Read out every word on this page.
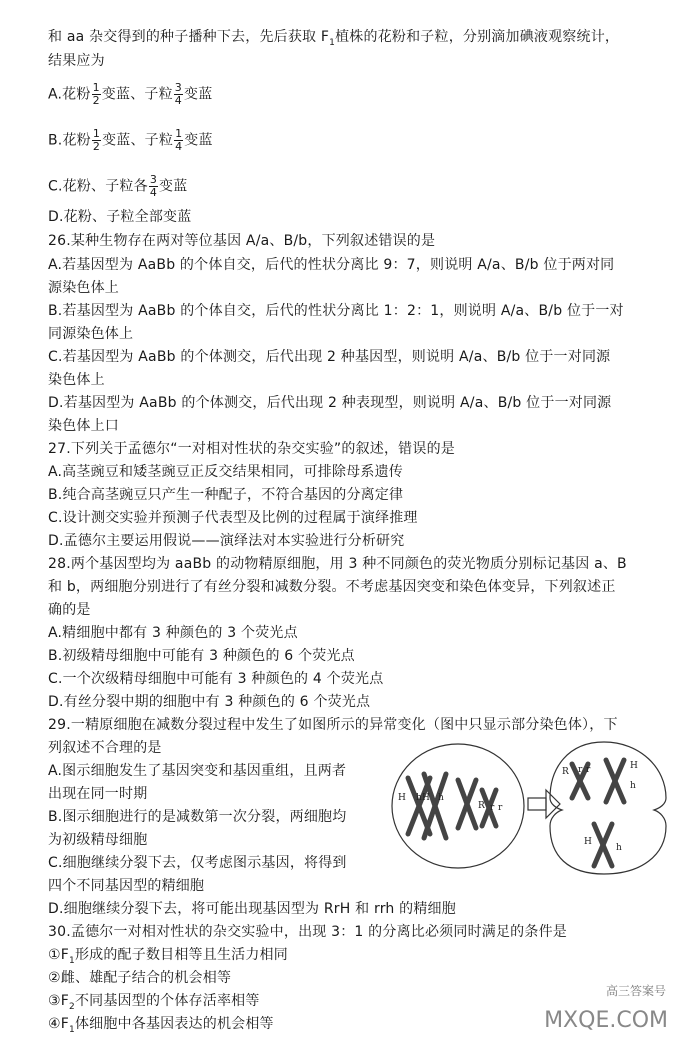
和 aa 杂交得到的种子播种下去，先后获取 $F_1$植株的花粉和子粒，分别滴加碘液观察统计，
结果应为
A.花粉 $\frac{1}{2}$ 变蓝、子粒 $\frac{3}{4}$ 变蓝
B.花粉 $\frac{1}{2}$ 变蓝、子粒 $\frac{1}{4}$ 变蓝
C.花粉、子粒各 $\frac{3}{4}$ 变蓝
D.花粉、子粒全部变蓝
26.某种生物存在两对等位基因 A/a、B/b，下列叙述错误的是
A.若基因型为 AaBb 的个体自交，后代的性状分离比 9：7，则说明 A/a、B/b 位于两对同
源染色体上
B.若基因型为 AaBb 的个体自交，后代的性状分离比 1：2：1，则说明 A/a、B/b 位于一对
同源染色体上
C.若基因型为 AaBb 的个体测交，后代出现 2 种基因型，则说明 A/a、B/b 位于一对同源
染色体上
D.若基因型为 AaBb 的个体测交，后代出现 2 种表现型，则说明 A/a、B/b 位于一对同源
染色体上口
27.下列关于孟德尔“一对相对性状的杂交实验”的叙述，错误的是
A.高茎豌豆和矮茎豌豆正反交结果相同，可排除母系遗传
B.纯合高茎豌豆只产生一种配子，不符合基因的分离定律
C.设计测交实验并预测子代表型及比例的过程属于演绎推理
D.孟德尔主要运用假说——演绎法对本实验进行分析研究
28.两个基因型均为 aaBb 的动物精原细胞，用 3 种不同颜色的荧光物质分别标记基因 a、B
和 b，两细胞分别进行了有丝分裂和减数分裂。不考虑基因突变和染色体变异，下列叙述正
确的是
A.精细胞中都有 3 种颜色的 3 个荧光点
B.初级精母细胞中可能有 3 种颜色的 6 个荧光点
C.一个次级精母细胞中可能有 3 种颜色的 4 个荧光点
D.有丝分裂中期的细胞中有 3 种颜色的 6 个荧光点
29.一精原细胞在减数分裂过程中发生了如图所示的异常变化（图中只显示部分染色体），下
列叙述不合理的是
A.图示细胞发生了基因突变和基因重组，且两者
出现在同一时期
B.图示细胞进行的是减数第一次分裂，两细胞均
为初级精母细胞
C.细胞继续分裂下去，仅考虑图示基因，将得到
四个不同基因型的精细胞
D.细胞继续分裂下去，将可能出现基因型为 RrH 和 rrh 的精细胞
H h H h
R r r
R r r	H
h
H
h
30.孟德尔一对相对性状的杂交实验中，出现 3：1 的分离比必须同时满足的条件是
$①F_1$形成的配子数目相等且生活力相同
②雌、雄配子结合的机会相等
$③F_2$不同基因型的个体存活率相等
$④F_1$体细胞中各基因表达的机会相等	MXQE.COM
高三答案号
